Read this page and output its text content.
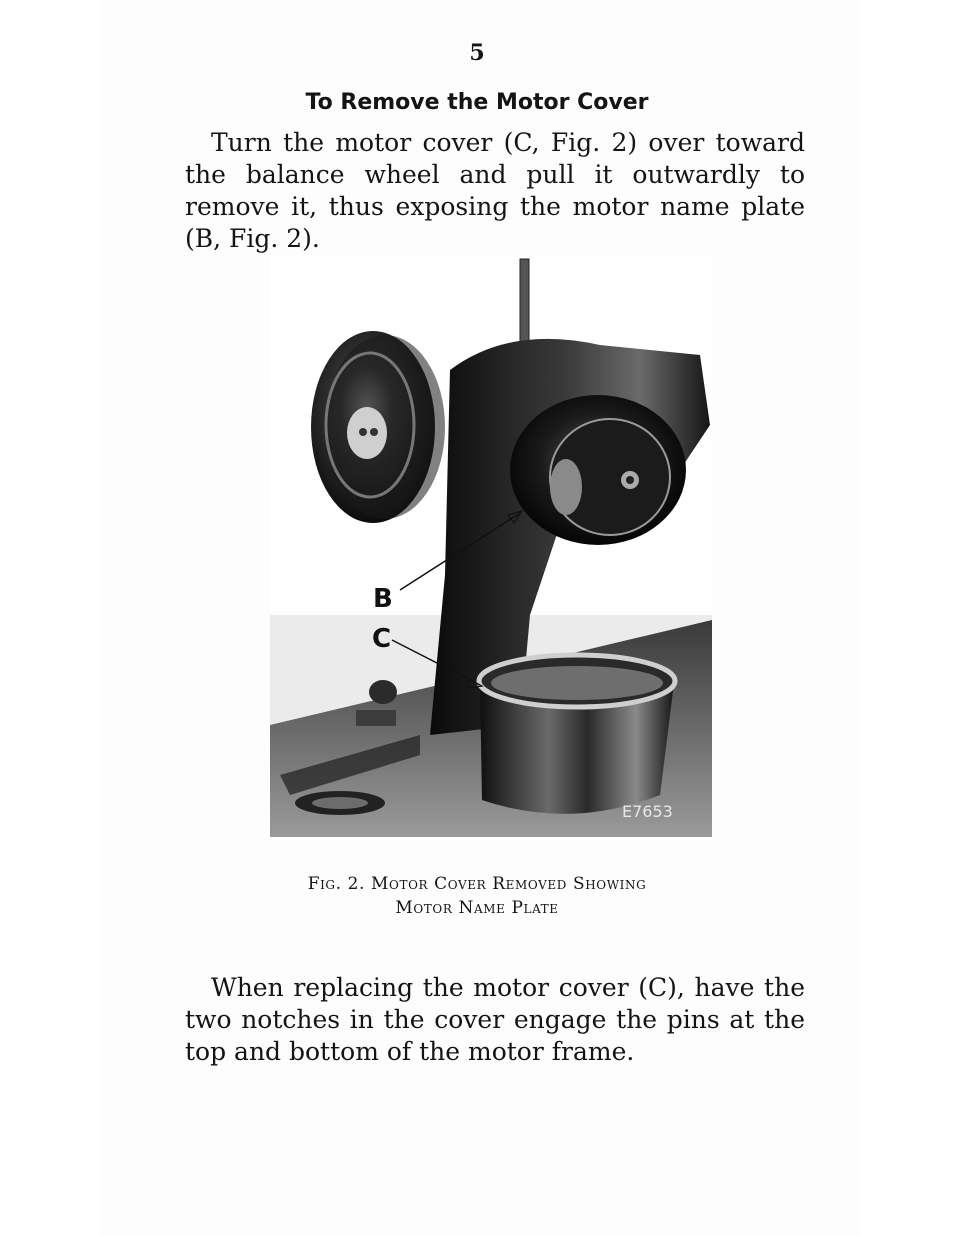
5
To Remove the Motor Cover

Turn the motor cover (C, Fig. 2) over toward the balance wheel and pull it outwardly to remove it, thus exposing the motor name plate (B, Fig. 2).

B
C
E7653
Fig. 2. Motor Cover Removed Showing
Motor Name Plate

When replacing the motor cover (C), have the two notches in the cover engage the pins at the top and bottom of the motor frame.
